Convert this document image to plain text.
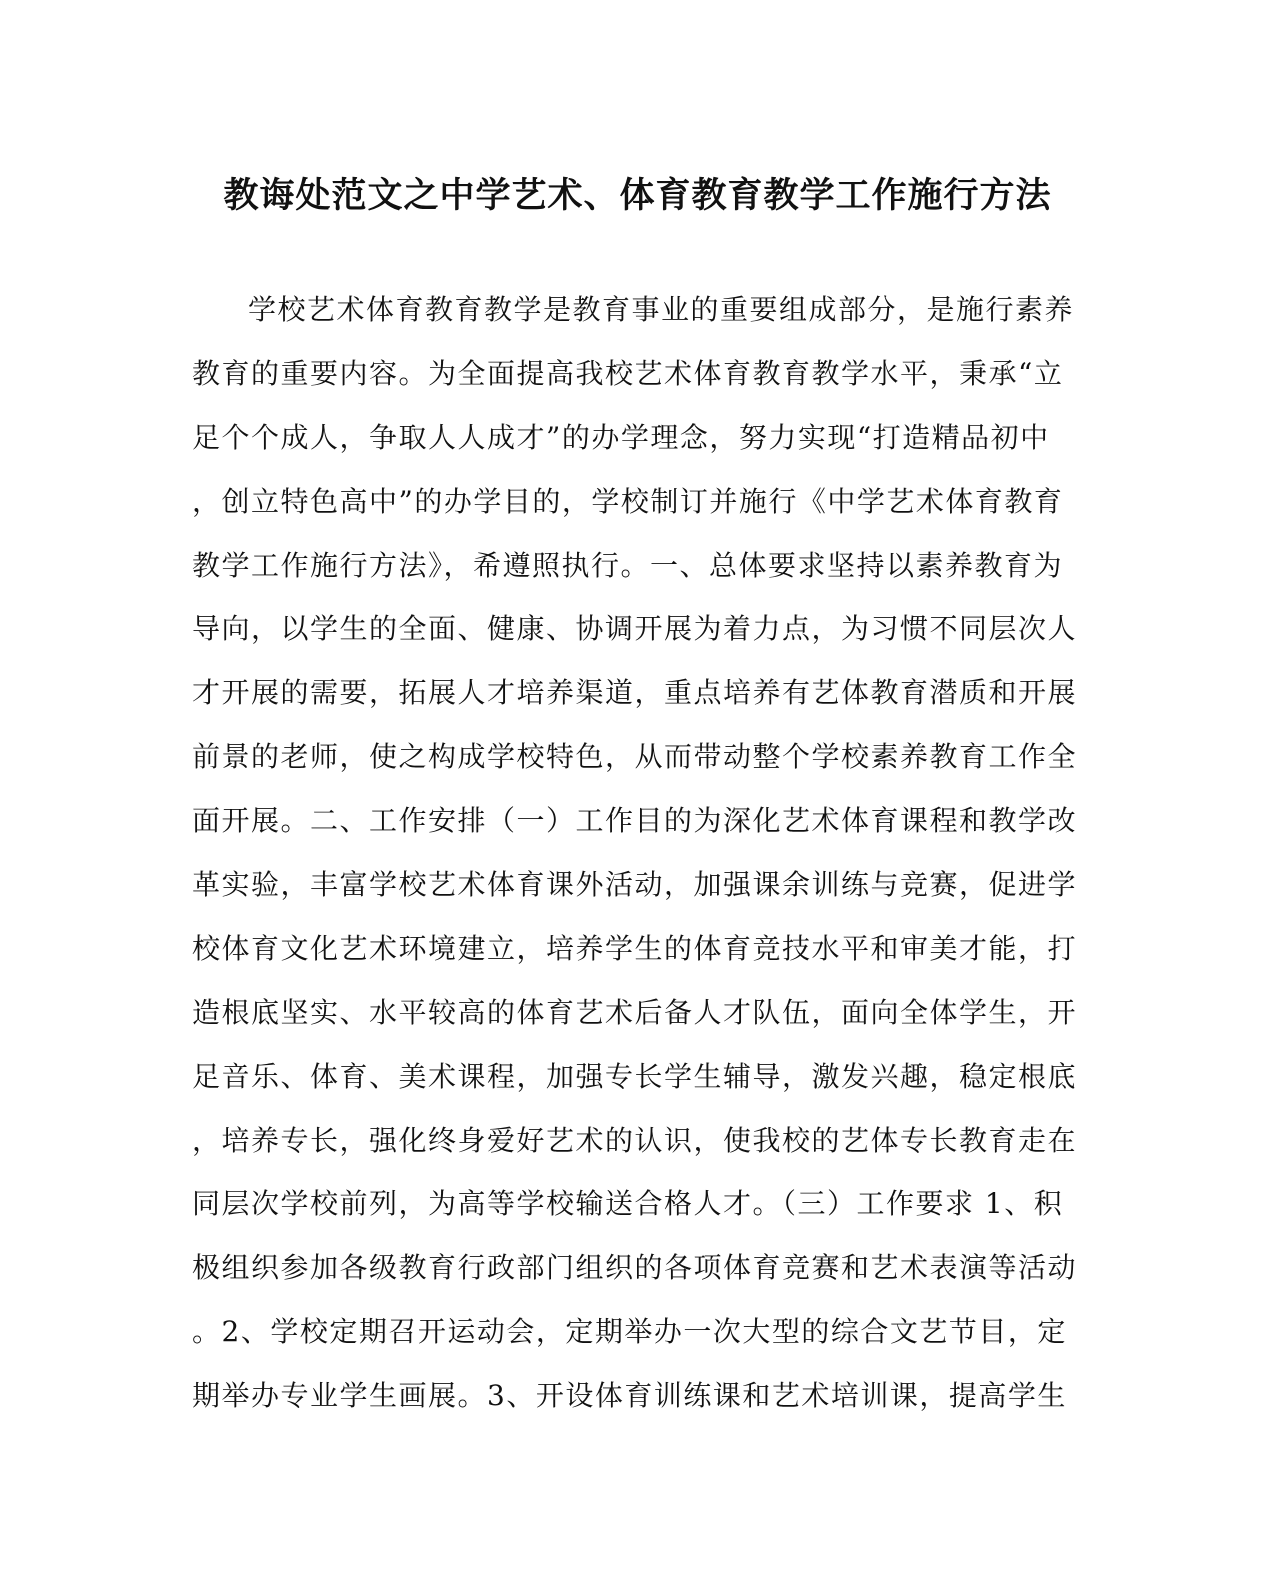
教诲处范文之中学艺术、体育教育教学工作施行方法
学校艺术体育教育教学是教育事业的重要组成部分，是施行素养
教育的重要内容。为全面提高我校艺术体育教育教学水平，秉承“立
足个个成人，争取人人成才”的办学理念，努力实现“打造精品初中
，创立特色高中”的办学目的，学校制订并施行《中学艺术体育教育
教学工作施行方法》，希遵照执行。一、总体要求坚持以素养教育为
导向，以学生的全面、健康、协调开展为着力点，为习惯不同层次人
才开展的需要，拓展人才培养渠道，重点培养有艺体教育潜质和开展
前景的老师，使之构成学校特色，从而带动整个学校素养教育工作全
面开展。二、工作安排（一）工作目的为深化艺术体育课程和教学改
革实验，丰富学校艺术体育课外活动，加强课余训练与竞赛，促进学
校体育文化艺术环境建立，培养学生的体育竞技水平和审美才能，打
造根底坚实、水平较高的体育艺术后备人才队伍，面向全体学生，开
足音乐、体育、美术课程，加强专长学生辅导，激发兴趣，稳定根底
，培养专长，强化终身爱好艺术的认识，使我校的艺体专长教育走在
同层次学校前列，为高等学校输送合格人才。（三）工作要求 1、积
极组织参加各级教育行政部门组织的各项体育竞赛和艺术表演等活动
。2、学校定期召开运动会，定期举办一次大型的综合文艺节目，定
期举办专业学生画展。3、开设体育训练课和艺术培训课，提高学生
